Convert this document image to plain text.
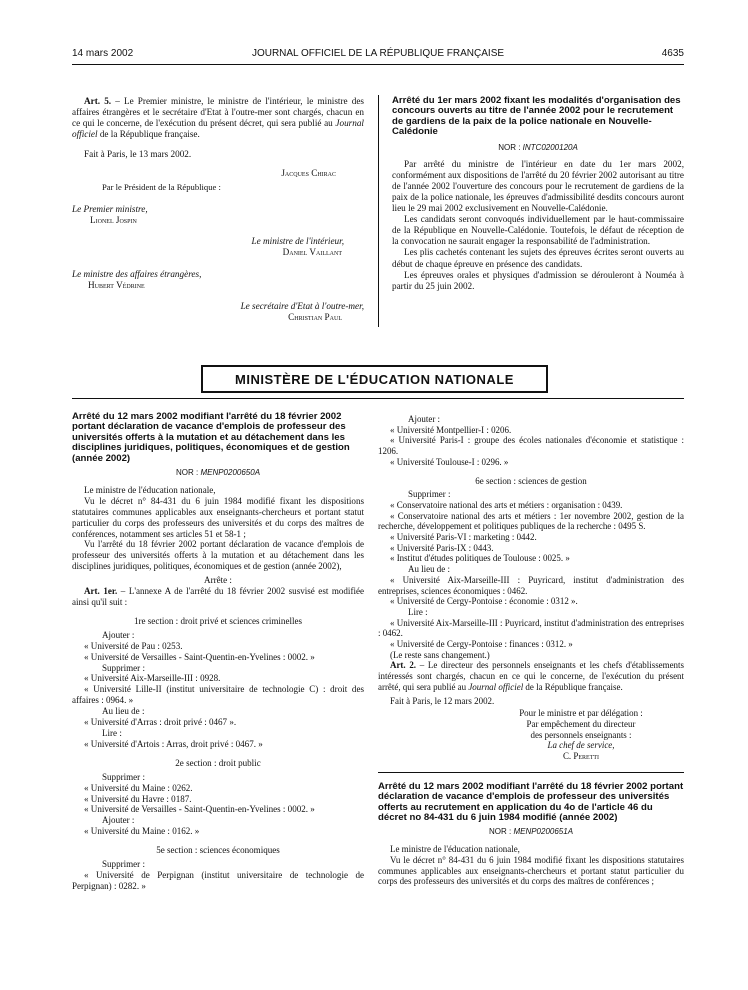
14 mars 2002	JOURNAL OFFICIEL DE LA RÉPUBLIQUE FRANÇAISE	4635

Art. 5. – Le Premier ministre, le ministre de l'intérieur, le ministre des affaires étrangères et le secrétaire d'Etat à l'outre-mer sont chargés, chacun en ce qui le concerne, de l'exécution du présent décret, qui sera publié au Journal officiel de la République française.

Fait à Paris, le 13 mars 2002.

Jacques Chirac

Par le Président de la République :

Le Premier ministre,

Lionel Jospin

Le ministre de l'intérieur,

Daniel Vaillant

Le ministre des affaires étrangères,

Hubert Védrine

Le secrétaire d'Etat à l'outre-mer,

Christian Paul

Arrêté du 1er mars 2002 fixant les modalités d'organisation des concours ouverts au titre de l'année 2002 pour le recrutement de gardiens de la paix de la police nationale en Nouvelle-Calédonie

NOR : INTC0200120A

Par arrêté du ministre de l'intérieur en date du 1er mars 2002, conformément aux dispositions de l'arrêté du 20 février 2002 autorisant au titre de l'année 2002 l'ouverture des concours pour le recrutement de gardiens de la paix de la police nationale, les épreuves d'admissibilité desdits concours auront lieu le 29 mai 2002 exclusivement en Nouvelle-Calédonie.

Les candidats seront convoqués individuellement par le haut-commissaire de la République en Nouvelle-Calédonie. Toutefois, le défaut de réception de la convocation ne saurait engager la responsabilité de l'administration.

Les plis cachetés contenant les sujets des épreuves écrites seront ouverts au début de chaque épreuve en présence des candidats.

Les épreuves orales et physiques d'admission se dérouleront à Nouméa à partir du 25 juin 2002.

MINISTÈRE DE L'ÉDUCATION NATIONALE

Arrêté du 12 mars 2002 modifiant l'arrêté du 18 février 2002 portant déclaration de vacance d'emplois de professeur des universités offerts à la mutation et au détachement dans les disciplines juridiques, politiques, économiques et de gestion (année 2002)

NOR : MENP0200650A

Le ministre de l'éducation nationale,

Vu le décret n° 84-431 du 6 juin 1984 modifié fixant les dispositions statutaires communes applicables aux enseignants-chercheurs et portant statut particulier du corps des professeurs des universités et du corps des maîtres de conférences, notamment ses articles 51 et 58-1 ;

Vu l'arrêté du 18 février 2002 portant déclaration de vacance d'emplois de professeur des universités offerts à la mutation et au détachement dans les disciplines juridiques, politiques, économiques et de gestion (année 2002),

Arrête :

Art. 1er. – L'annexe A de l'arrêté du 18 février 2002 susvisé est modifiée ainsi qu'il suit :

1re section : droit privé et sciences criminelles

Ajouter :

« Université de Pau : 0253.

« Université de Versailles - Saint-Quentin-en-Yvelines : 0002. »

Supprimer :

« Université Aix-Marseille-III : 0928.

« Université Lille-II (institut universitaire de technologie C) : droit des affaires : 0964. »

Au lieu de :

« Université d'Arras : droit privé : 0467 ».

Lire :

« Université d'Artois : Arras, droit privé : 0467. »

2e section : droit public

Supprimer :

« Université du Maine : 0262.

« Université du Havre : 0187.

« Université de Versailles - Saint-Quentin-en-Yvelines : 0002. »

Ajouter :

« Université du Maine : 0162. »

5e section : sciences économiques

Supprimer :

« Université de Perpignan (institut universitaire de technologie de Perpignan) : 0282. »

Ajouter :

« Université Montpellier-I : 0206.

« Université Paris-I : groupe des écoles nationales d'économie et statistique : 1206.

« Université Toulouse-I : 0296. »

6e section : sciences de gestion

Supprimer :

« Conservatoire national des arts et métiers : organisation : 0439.

« Conservatoire national des arts et métiers : 1er novembre 2002, gestion de la recherche, développement et politiques publiques de la recherche : 0495 S.

« Université Paris-VI : marketing : 0442.

« Université Paris-IX : 0443.

« Institut d'études politiques de Toulouse : 0025. »

Au lieu de :

« Université Aix-Marseille-III : Puyricard, institut d'administration des entreprises, sciences économiques : 0462.

« Université de Cergy-Pontoise : économie : 0312 ».

Lire :

« Université Aix-Marseille-III : Puyricard, institut d'administration des entreprises : 0462.

« Université de Cergy-Pontoise : finances : 0312. »

(Le reste sans changement.)

Art. 2. – Le directeur des personnels enseignants et les chefs d'établissements intéressés sont chargés, chacun en ce qui le concerne, de l'exécution du présent arrêté, qui sera publié au Journal officiel de la République française.

Fait à Paris, le 12 mars 2002.

Pour le ministre et par délégation :

Par empêchement du directeur

des personnels enseignants :

La chef de service,

C. Peretti

Arrêté du 12 mars 2002 modifiant l'arrêté du 18 février 2002 portant déclaration de vacance d'emplois de professeur des universités offerts au recrutement en application du 4o de l'article 46 du décret no 84-431 du 6 juin 1984 modifié (année 2002)

NOR : MENP0200651A

Le ministre de l'éducation nationale,

Vu le décret n° 84-431 du 6 juin 1984 modifié fixant les dispositions statutaires communes applicables aux enseignants-chercheurs et portant statut particulier du corps des professeurs des universités et du corps des maîtres de conférences ;
